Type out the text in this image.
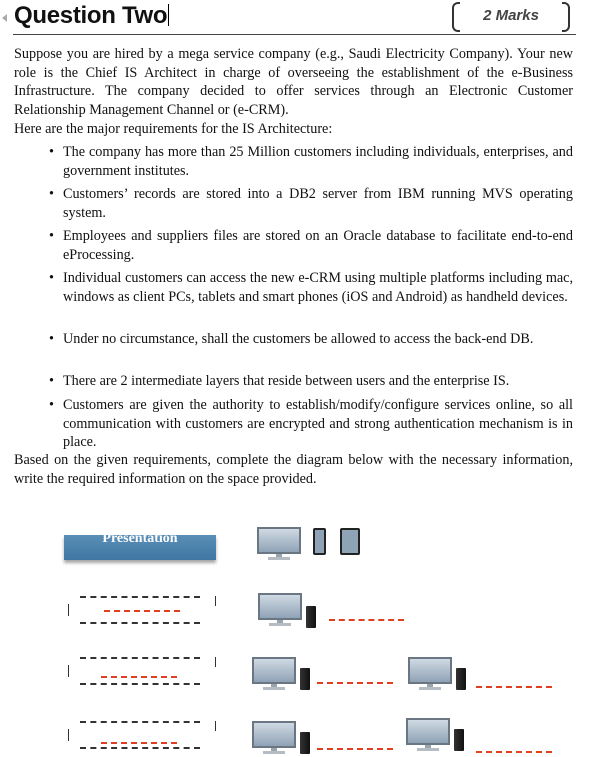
Question Two	2 Marks
Suppose you are hired by a mega service company (e.g., Saudi Electricity Company). Your new role is the Chief IS Architect in charge of overseeing the establishment of the e-Business Infrastructure. The company decided to offer services through an Electronic Customer Relationship Management Channel or (e-CRM).
Here are the major requirements for the IS Architecture:
• The company has more than 25 Million customers including individuals, enterprises, and government institutes.
• Customers’ records are stored into a DB2 server from IBM running MVS operating system.
• Employees and suppliers files are stored on an Oracle database to facilitate end-to-end eProcessing.
• Individual customers can access the new e-CRM using multiple platforms including mac, windows as client PCs, tablets and smart phones (iOS and Android) as handheld devices.
• Under no circumstance, shall the customers be allowed to access the back-end DB.
• There are 2 intermediate layers that reside between users and the enterprise IS.
• Customers are given the authority to establish/modify/configure services online, so all communication with customers are encrypted and strong authentication mechanism is in place.
Based on the given requirements, complete the diagram below with the necessary information, write the required information on the space provided.
Presentation
